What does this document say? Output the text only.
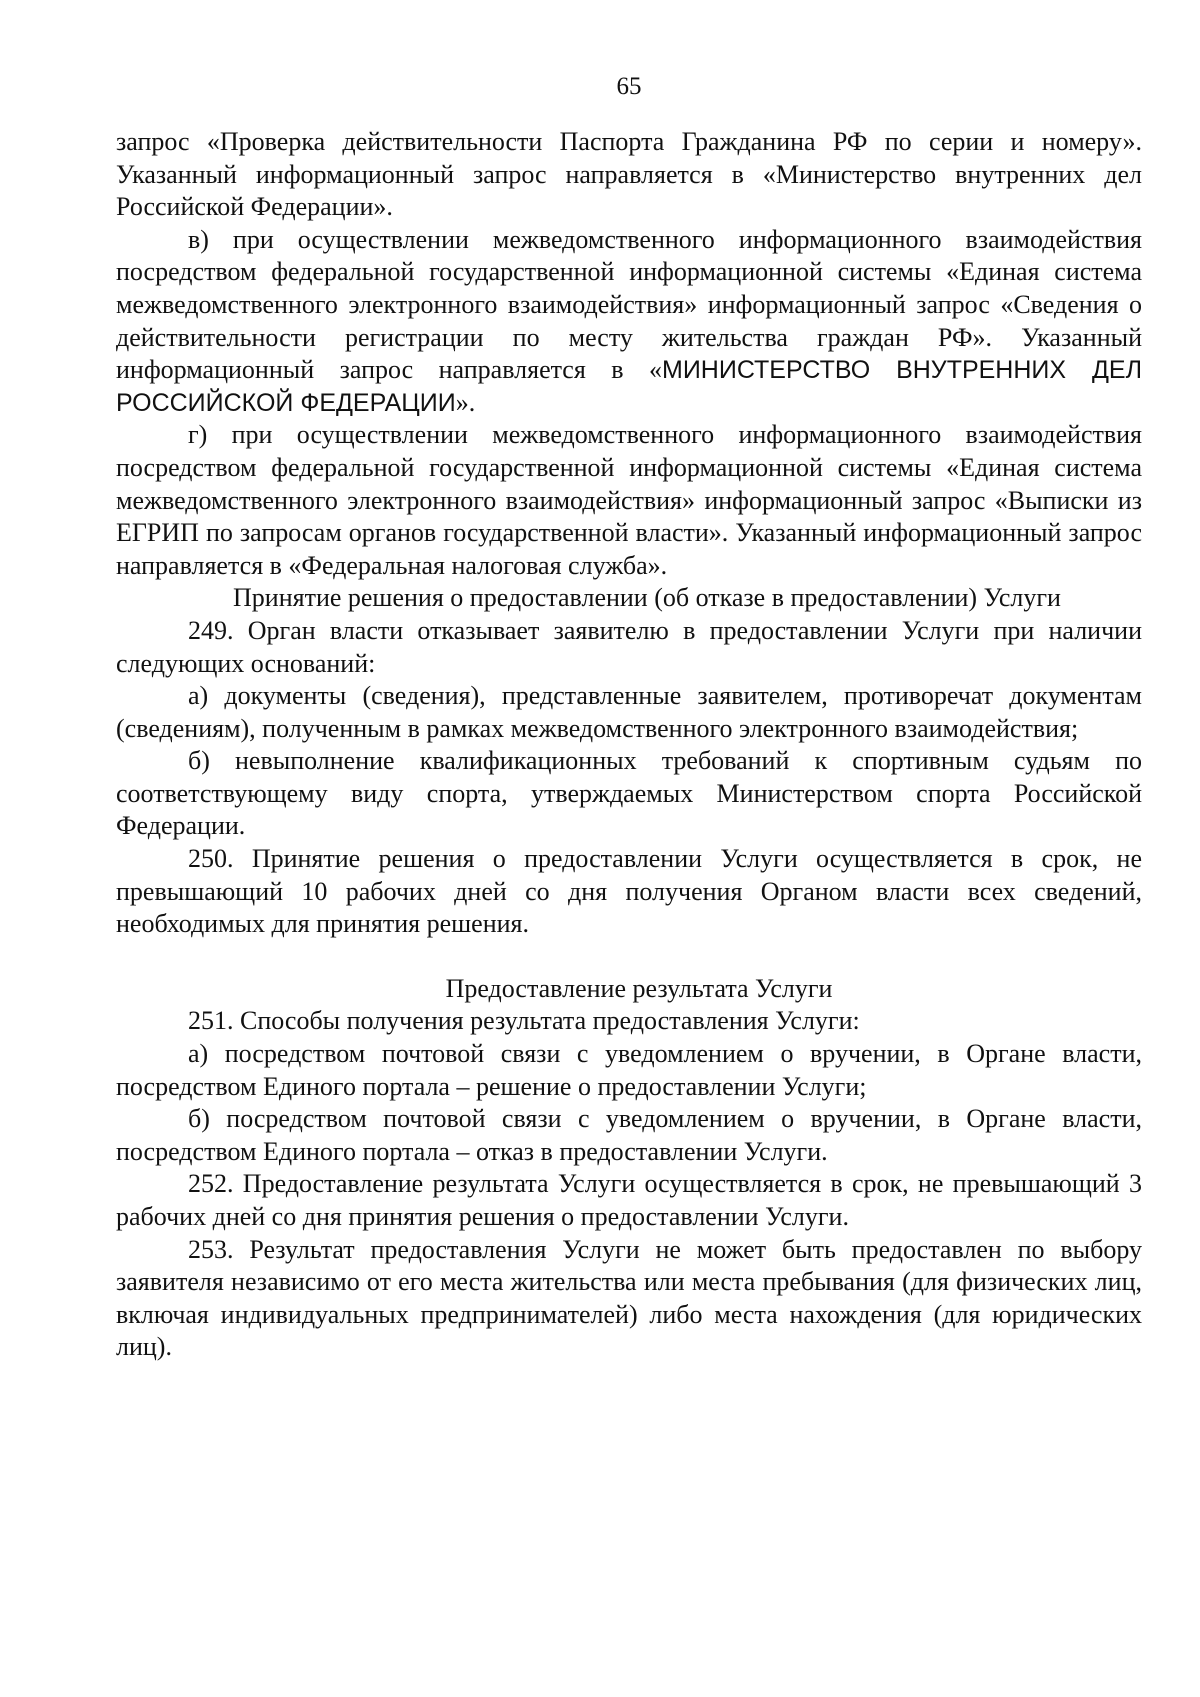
65

запрос «Проверка действительности Паспорта Гражданина РФ по серии и номеру». Указанный информационный запрос направляется в «Министерство внутренних дел Российской Федерации».

в) при осуществлении межведомственного информационного взаимодействия посредством федеральной государственной информационной системы «Единая система межведомственного электронного взаимодействия» информационный запрос «Сведения о действительности регистрации по месту жительства граждан РФ». Указанный информационный запрос направляется в «МИНИСТЕРСТВО ВНУТРЕННИХ ДЕЛ РОССИЙСКОЙ ФЕДЕРАЦИИ».

г) при осуществлении межведомственного информационного взаимодействия посредством федеральной государственной информационной системы «Единая система межведомственного электронного взаимодействия» информационный запрос «Выписки из ЕГРИП по запросам органов государственной власти». Указанный информационный запрос направляется в «Федеральная налоговая служба».

Принятие решения о предоставлении (об отказе в предоставлении) Услуги

249. Орган власти отказывает заявителю в предоставлении Услуги при наличии следующих оснований:

а) документы (сведения), представленные заявителем, противоречат документам (сведениям), полученным в рамках межведомственного электронного взаимодействия;

б) невыполнение квалификационных требований к спортивным судьям по соответствующему виду спорта, утверждаемых Министерством спорта Российской Федерации.

250. Принятие решения о предоставлении Услуги осуществляется в срок, не превышающий 10 рабочих дней со дня получения Органом власти всех сведений, необходимых для принятия решения.

Предоставление результата Услуги

251. Способы получения результата предоставления Услуги:

а) посредством почтовой связи с уведомлением о вручении, в Органе власти, посредством Единого портала – решение о предоставлении Услуги;

б) посредством почтовой связи с уведомлением о вручении, в Органе власти, посредством Единого портала – отказ в предоставлении Услуги.

252. Предоставление результата Услуги осуществляется в срок, не превышающий 3 рабочих дней со дня принятия решения о предоставлении Услуги.

253. Результат предоставления Услуги не может быть предоставлен по выбору заявителя независимо от его места жительства или места пребывания (для физических лиц, включая индивидуальных предпринимателей) либо места нахождения (для юридических лиц).
